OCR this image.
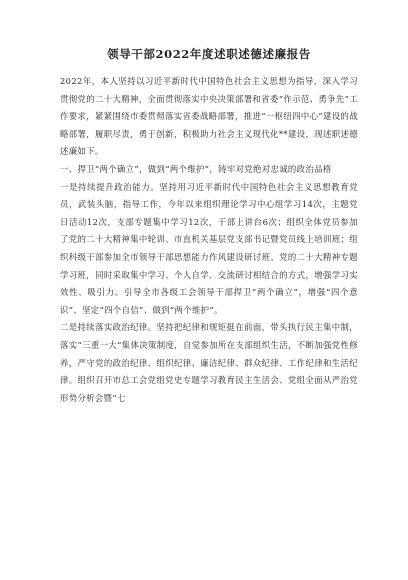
领导干部2022年度述职述德述廉报告

2022年，本人坚持以习近平新时代中国特色社会主义思想为指导，深入学习贯彻党的二十大精神，全面贯彻落实中央决策部署和省委“作示范、勇争先”工作要求，紧紧围绕市委贯彻落实省委战略部署，推进“一枢纽四中心”建设的战略部署，履职尽责，勇于创新，积极助力社会主义现代化**建设，现述职述德述廉如下。

一、捍卫“两个确立”，做到“两个维护”，铸牢对党绝对忠诚的政治品格

一是持续提升政治能力。坚持用习近平新时代中国特色社会主义思想教育党员，武装头脑，指导工作，今年以来组织理论学习中心组学习14次，主题党日活动12次，支部专题集中学习12次，干部上讲台6次；组织全体党员参加了党的二十大精神集中轮训、市直机关基层党支部书记暨党员线上培训班；组织科级干部参加全市领导干部思想能力作风建设研讨班、党的二十大精神专题学习班，同时采取集中学习、个人自学、交流研讨相结合的方式，增强学习实效性、吸引力。引导全市各级工会领导干部捍卫“两个确立”，增强“四个意识”、坚定“四个自信”、做到“两个维护”。

二是持续落实政治纪律。坚持把纪律和规矩挺在前面，带头执行民主集中制，落实“三重一大”集体决策制度，自觉参加所在支部组织生活，不断加强党性修养，严守党的政治纪律、组织纪律、廉洁纪律、群众纪律、工作纪律和生活纪律。组织召开市总工会党组党史专题学习教育民主生活会、党组全面从严治党形势分析会暨“七
